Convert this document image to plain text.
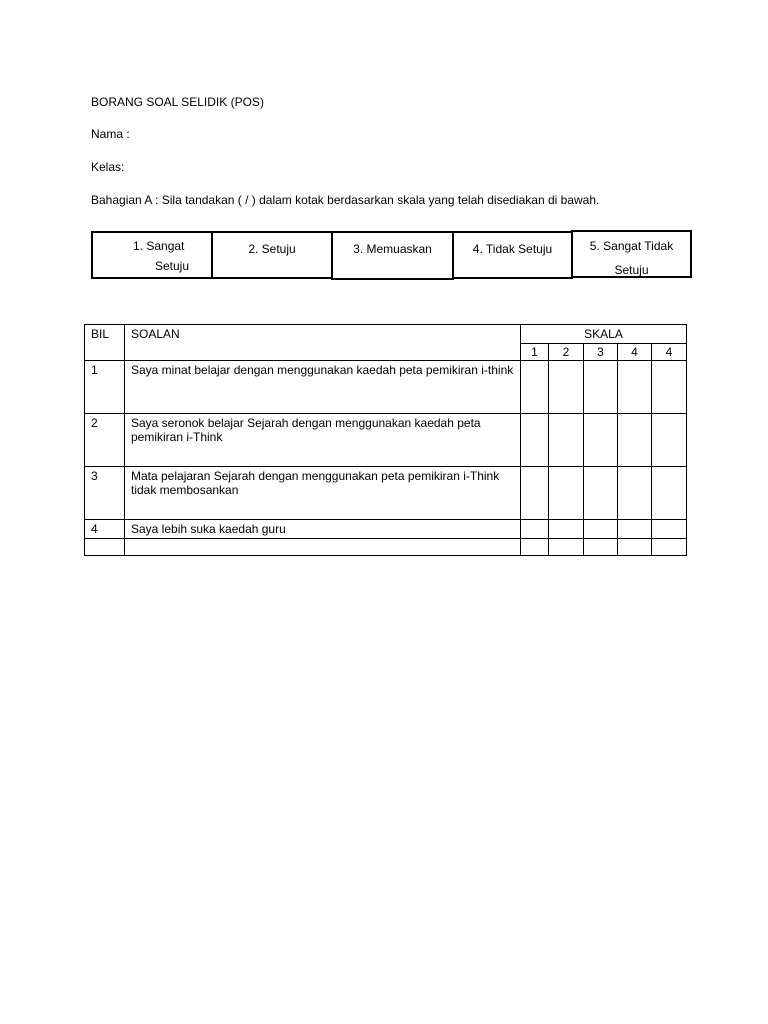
BORANG SOAL SELIDIK (POS)
Nama :
Kelas:
Bahagian A : Sila tandakan ( / ) dalam kotak berdasarkan skala yang telah disediakan di bawah.
1. Sangat
Setuju
2. Setuju	3. Memuaskan	4. Tidak Setuju	5. Sangat Tidak
Setuju
BIL	SOALAN	SKALA				
		1	2	3	4	4
1	Saya minat belajar dengan menggunakan kaedah peta pemikiran i-think					
2	Saya seronok belajar Sejarah dengan menggunakan kaedah peta pemikiran i-Think					
3	Mata pelajaran Sejarah dengan menggunakan peta pemikiran i-Think tidak membosankan					
4	Saya lebih suka kaedah guru					
